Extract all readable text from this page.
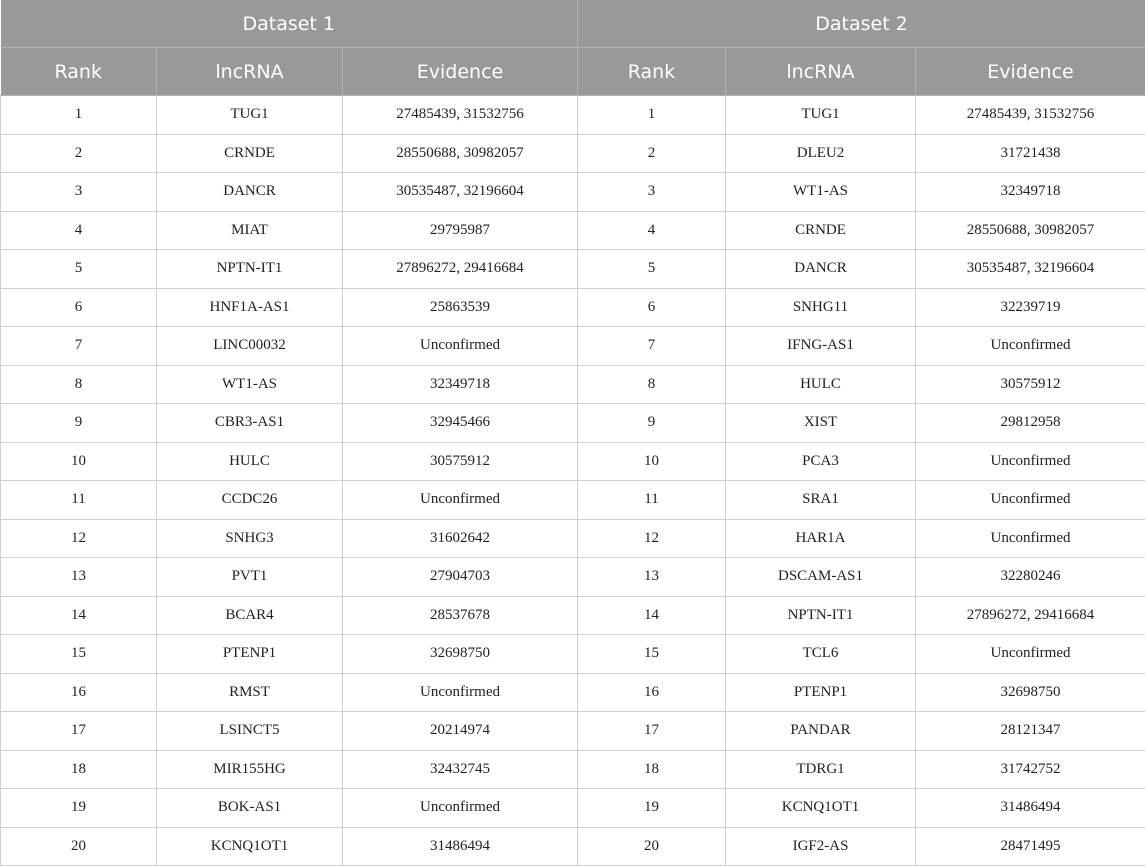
Dataset 1			Dataset 2		
Rank	lncRNA	Evidence	Rank	lncRNA	Evidence
1	TUG1	27485439, 31532756	1	TUG1	27485439, 31532756
2	CRNDE	28550688, 30982057	2	DLEU2	31721438
3	DANCR	30535487, 32196604	3	WT1-AS	32349718
4	MIAT	29795987	4	CRNDE	28550688, 30982057
5	NPTN-IT1	27896272, 29416684	5	DANCR	30535487, 32196604
6	HNF1A-AS1	25863539	6	SNHG11	32239719
7	LINC00032	Unconfirmed	7	IFNG-AS1	Unconfirmed
8	WT1-AS	32349718	8	HULC	30575912
9	CBR3-AS1	32945466	9	XIST	29812958
10	HULC	30575912	10	PCA3	Unconfirmed
11	CCDC26	Unconfirmed	11	SRA1	Unconfirmed
12	SNHG3	31602642	12	HAR1A	Unconfirmed
13	PVT1	27904703	13	DSCAM-AS1	32280246
14	BCAR4	28537678	14	NPTN-IT1	27896272, 29416684
15	PTENP1	32698750	15	TCL6	Unconfirmed
16	RMST	Unconfirmed	16	PTENP1	32698750
17	LSINCT5	20214974	17	PANDAR	28121347
18	MIR155HG	32432745	18	TDRG1	31742752
19	BOK-AS1	Unconfirmed	19	KCNQ1OT1	31486494
20	KCNQ1OT1	31486494	20	IGF2-AS	28471495
